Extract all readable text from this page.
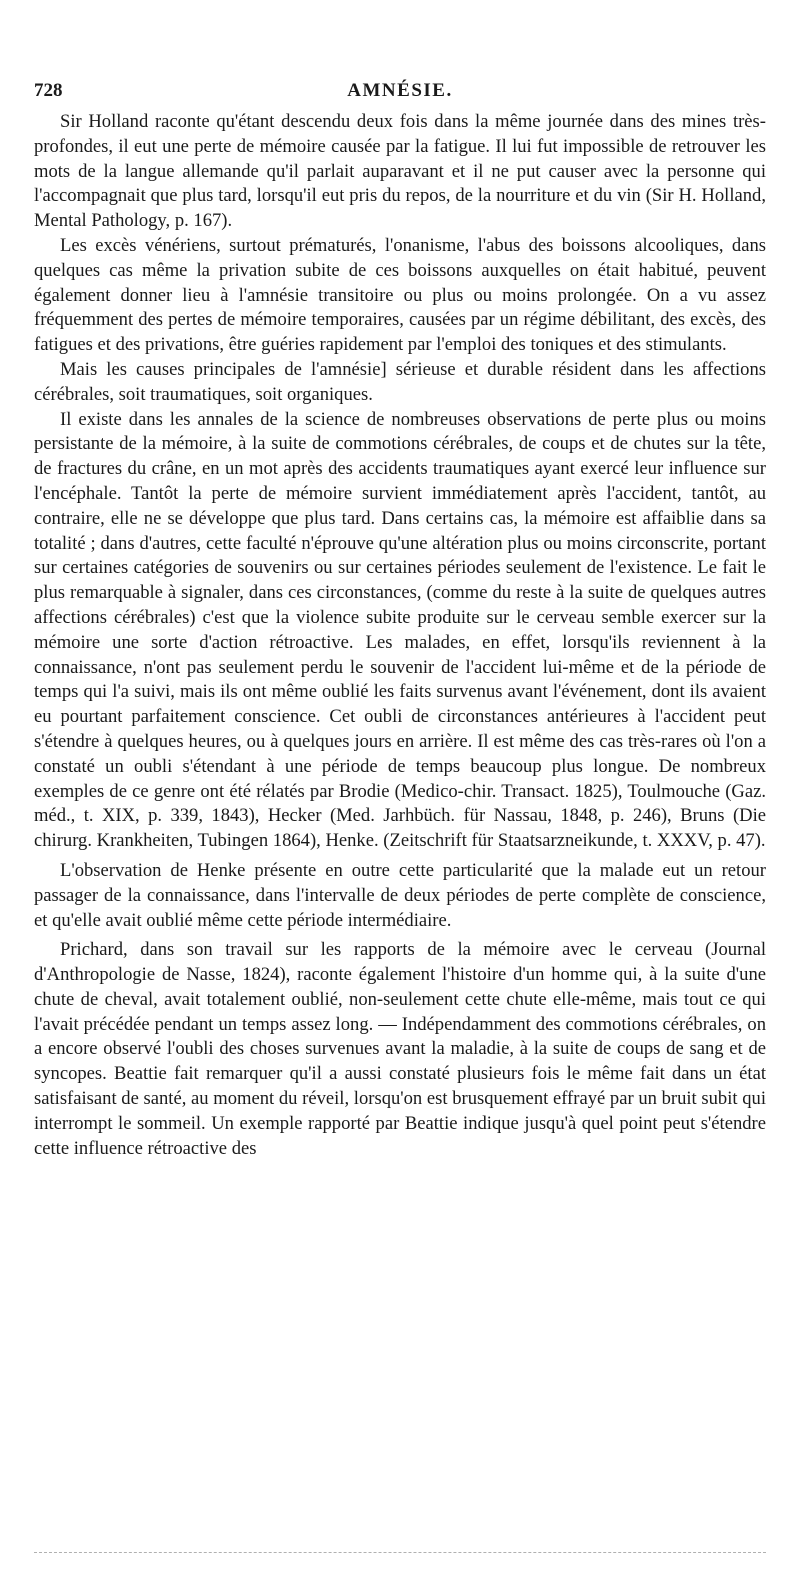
728	AMNÉSIE.

Sir Holland raconte qu'étant descendu deux fois dans la même journée dans des mines très-profondes, il eut une perte de mémoire causée par la fatigue. Il lui fut impossible de retrouver les mots de la langue allemande qu'il parlait auparavant et il ne put causer avec la personne qui l'accompagnait que plus tard, lorsqu'il eut pris du repos, de la nourriture et du vin (Sir H. Holland, Mental Pathology, p. 167).

Les excès vénériens, surtout prématurés, l'onanisme, l'abus des boissons alcooliques, dans quelques cas même la privation subite de ces boissons auxquelles on était habitué, peuvent également donner lieu à l'amnésie transitoire ou plus ou moins prolongée. On a vu assez fréquemment des pertes de mémoire temporaires, causées par un régime débilitant, des excès, des fatigues et des privations, être guéries rapidement par l'emploi des toniques et des stimulants.

Mais les causes principales de l'amnésie] sérieuse et durable résident dans les affections cérébrales, soit traumatiques, soit organiques.

Il existe dans les annales de la science de nombreuses observations de perte plus ou moins persistante de la mémoire, à la suite de commotions cérébrales, de coups et de chutes sur la tête, de fractures du crâne, en un mot après des accidents traumatiques ayant exercé leur influence sur l'encéphale. Tantôt la perte de mémoire survient immédiatement après l'accident, tantôt, au contraire, elle ne se développe que plus tard. Dans certains cas, la mémoire est affaiblie dans sa totalité ; dans d'autres, cette faculté n'éprouve qu'une altération plus ou moins circonscrite, portant sur certaines catégories de souvenirs ou sur certaines périodes seulement de l'existence. Le fait le plus remarquable à signaler, dans ces circonstances, (comme du reste à la suite de quelques autres affections cérébrales) c'est que la violence subite produite sur le cerveau semble exercer sur la mémoire une sorte d'action rétroactive. Les malades, en effet, lorsqu'ils reviennent à la connaissance, n'ont pas seulement perdu le souvenir de l'accident lui-même et de la période de temps qui l'a suivi, mais ils ont même oublié les faits survenus avant l'événement, dont ils avaient eu pourtant parfaitement conscience. Cet oubli de circonstances antérieures à l'accident peut s'étendre à quelques heures, ou à quelques jours en arrière. Il est même des cas très-rares où l'on a constaté un oubli s'étendant à une période de temps beaucoup plus longue. De nombreux exemples de ce genre ont été rélatés par Brodie (Medico-chir. Transact. 1825), Toulmouche (Gaz. méd., t. XIX, p. 339, 1843), Hecker (Med. Jarhbüch. für Nassau, 1848, p. 246), Bruns (Die chirurg. Krankheiten, Tubingen 1864), Henke. (Zeitschrift für Staatsarzneikunde, t. XXXV, p. 47).

L'observation de Henke présente en outre cette particularité que la malade eut un retour passager de la connaissance, dans l'intervalle de deux périodes de perte complète de conscience, et qu'elle avait oublié même cette période intermédiaire.

Prichard, dans son travail sur les rapports de la mémoire avec le cerveau (Journal d'Anthropologie de Nasse, 1824), raconte également l'histoire d'un homme qui, à la suite d'une chute de cheval, avait totalement oublié, non-seulement cette chute elle-même, mais tout ce qui l'avait précédée pendant un temps assez long. — Indépendamment des commotions cérébrales, on a encore observé l'oubli des choses survenues avant la maladie, à la suite de coups de sang et de syncopes. Beattie fait remarquer qu'il a aussi constaté plusieurs fois le même fait dans un état satisfaisant de santé, au moment du réveil, lorsqu'on est brusquement effrayé par un bruit subit qui interrompt le sommeil. Un exemple rapporté par Beattie indique jusqu'à quel point peut s'étendre cette influence rétroactive des
